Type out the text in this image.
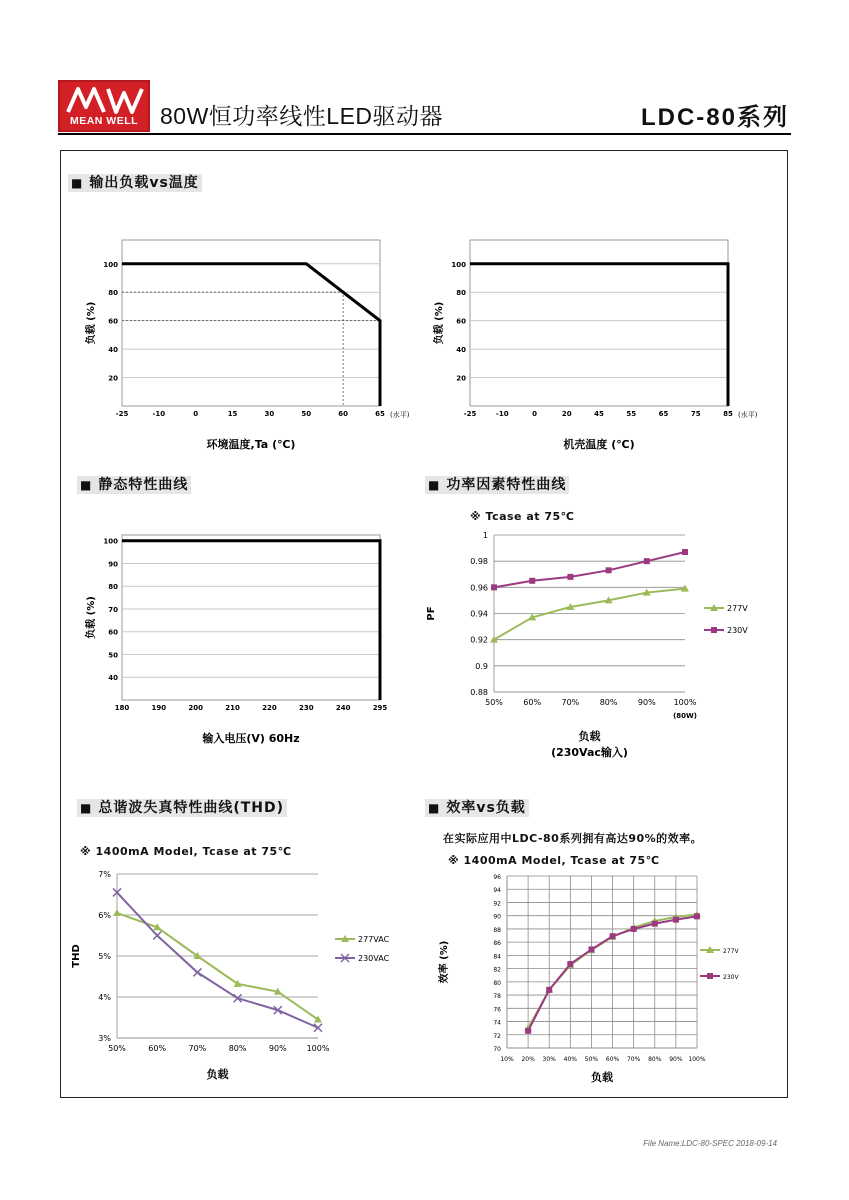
MEAN WELL 80W恒功率线性LED驱动器	LDC-80系列
■ 输出负载vs温度
■ 静态特性曲线	■ 功率因素特性曲线
■ 总谐波失真特性曲线(THD)	■ 效率vs负载
※ Tcase at 75℃
※ 1400mA Model, Tcase at 75℃
在实际应用中LDC-80系列拥有高达90%的效率。
※ 1400mA Model, Tcase at 75℃
20
40
60
80
100
-25	-10	0	15	30	50	60	65 (水平)
环境温度,Ta (℃)
负载 (%)
20
40
60
80
100
-25	-10	0	20	45	55	65	75	85 (水平)
机壳温度 (℃)
负载 (%)
40
50
60
70
80
90
100
180	190	200	210	220	230	240	295
输入电压(V) 60Hz
负载 (%)
0.88
0.9
0.92
0.94
0.96
0.98
1
50%	60%	70%	80%	90% 100%
277V
230V
负载
(230Vac输入)
(80W)
PF
3%
4%
5%
6%
7%
50%	60%	70%	80%	90% 100%
277VAC
230VAC
负载
THD
70
72
74
76
78
80
82
84
86
88
90
92
94
96
10% 20% 30% 40% 50% 60% 70% 80% 90% 100%
277V
230V
负载
效率 (%)
File Name:LDC-80-SPEC 2018-09-14
